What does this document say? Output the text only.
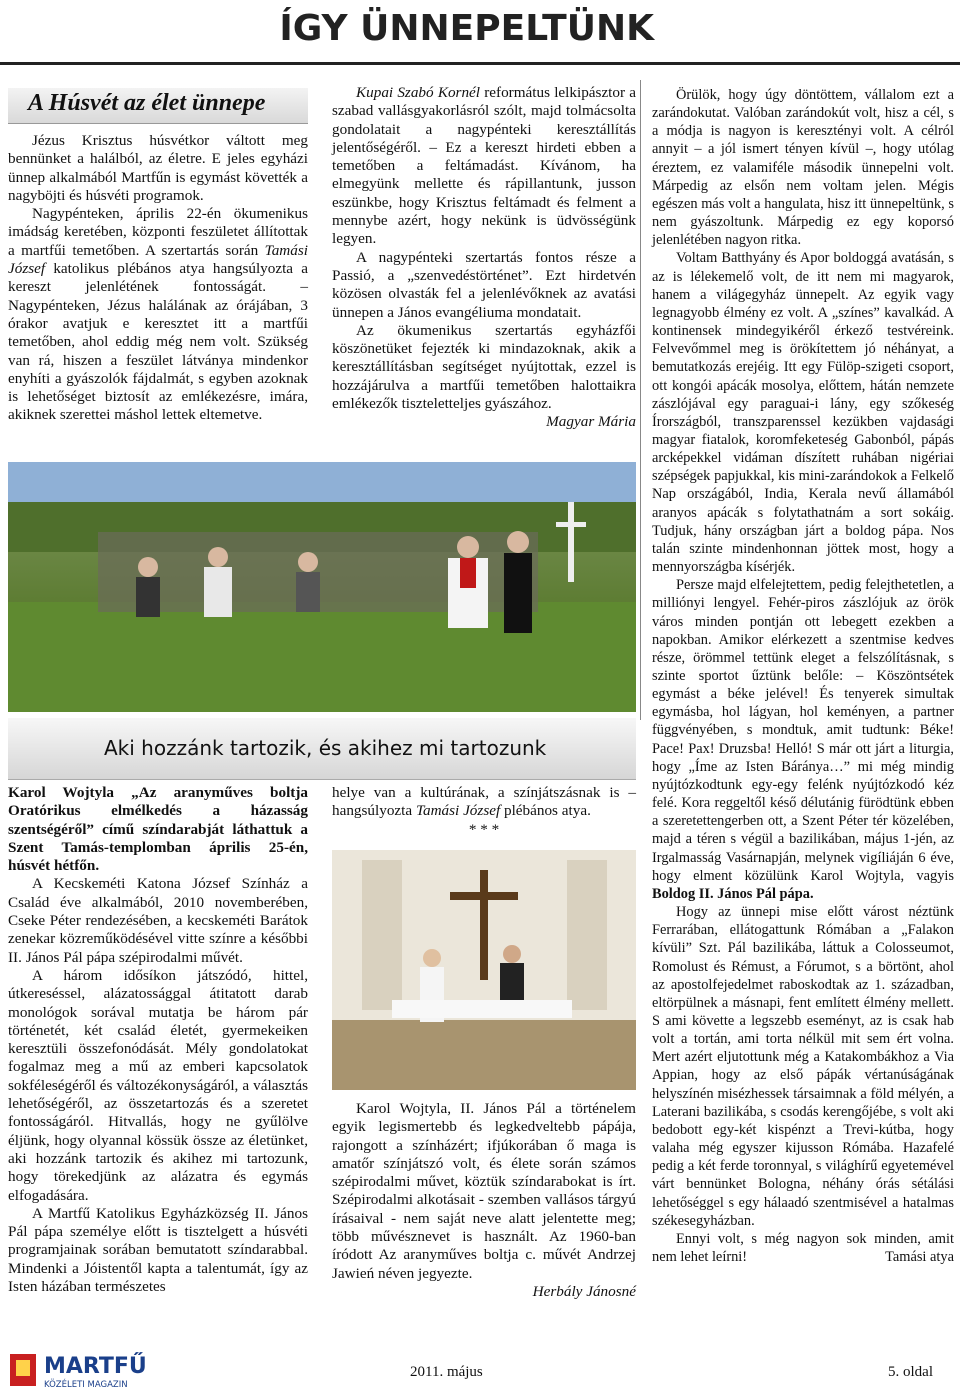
ÍGY ÜNNEPELTÜNK
A Húsvét az élet ünnepe

Jézus Krisztus húsvétkor váltott meg bennünket a halálból, az életre. E jeles egyházi ünnep alkalmából Martfűn is egymást követték a nagyböjti és húsvéti programok.

Nagypénteken, április 22-én ökumenikus imádság keretében, központi feszületet állítottak a martfűi temetőben. A szertartás során Tamási József katolikus plébános atya hangsúlyozta a kereszt jelenlétének fontosságát. – Nagypénteken, Jézus halálának az órájában, 3 órakor avatjuk e keresztet itt a martfűi temetőben, ahol eddig még nem volt. Szükség van rá, hiszen a feszület látványa mindenkor enyhíti a gyászolók fájdalmát, s egyben azoknak is lehetőséget biztosít az emlékezésre, imára, akiknek szerettei máshol lettek eltemetve.

Kupai Szabó Kornél református lelkipásztor a szabad vallásgyakorlásról szólt, majd tolmácsolta gondolatait a nagypénteki keresztállítás jelentőségéről. – Ez a kereszt hirdeti ebben a temetőben a feltámadást. Kívánom, ha elmegyünk mellette és rápillantunk, jusson eszünkbe, hogy Krisztus feltámadt és felment a mennybe azért, hogy nekünk is üdvösségünk legyen.

A nagypénteki szertartás fontos része a Passió, a „szenvedéstörténet”. Ezt hirdetvén közösen olvasták fel a jelenlévőknek az avatási ünnepen a János evangéliuma mondatait.

Az ökumenikus szertartás egyházfői köszönetüket fejezték ki mindazoknak, akik a keresztállításban segítséget nyújtottak, ezzel is hozzájárulva a martfűi temetőben halottaikra emlékezők tiszteletteljes gyászához.
Magyar Mária

Aki hozzánk tartozik, és akihez mi tartozunk

Karol Wojtyla „Az aranyműves boltja Oratórikus elmélkedés a házasság szentségéről” című színdarabját láthattuk a Szent Tamás-templomban április 25-én, húsvét hétfőn.

A Kecskeméti Katona József Színház a Család éve alkalmából, 2010 novemberében, Cseke Péter rendezésében, a kecskeméti Barátok zenekar közreműködésével vitte színre a későbbi II. János Pál pápa szépirodalmi művét.

A három idősíkon játszódó, hittel, útkereséssel, alázatossággal átitatott darab monológok sorával mutatja be három pár történetét, két család életét, gyermekeiken keresztüli összefonódását. Mély gondolatokat fogalmaz meg a mű az emberi kapcsolatok sokféleségéről és változékonyságáról, a választás lehetőségéről, az összetartozás és a szeretet fontosságáról. Hitvallás, hogy ne gyűlölve éljünk, hogy olyannal kössük össze az életünket, aki hozzánk tartozik és akihez mi tartozunk, hogy törekedjünk az alázatra és egymás elfogadására.

A Martfű Katolikus Egyházközség II. János Pál pápa személye előtt is tisztelgett a húsvéti programjainak sorában bemutatott színdarabbal. Mindenki a Jóistentől kapta a talentumát, így az Isten házában természetes

helye van a kultúrának, a színjátszásnak is – hangsúlyozta Tamási József plébános atya.

* * *

Karol Wojtyla, II. János Pál a történelem egyik legismertebb és legkedveltebb pápája, rajongott a színházért; ifjúkorában ő maga is amatőr színjátszó volt, és élete során számos szépirodalmi művet, köztük színdarabokat is írt. Szépirodalmi alkotásait - szemben vallásos tárgyú írásaival - nem saját neve alatt jelentette meg; több művésznevet is használt. Az 1960-ban íródott Az aranyműves boltja c. művét Andrzej Jawień néven jegyezte.

Herbály Jánosné

Örülök, hogy úgy döntöttem, vállalom ezt a zarándokutat. Valóban zarándokút volt, hisz a cél, s a módja is nagyon is keresztényi volt. A célról annyit – a jól ismert tényen kívül –, hogy utólag éreztem, ez valamiféle második ünnepelni volt. Márpedig az elsőn nem voltam jelen. Mégis egészen más volt a hangulata, hisz itt ünnepeltünk, s nem gyászoltunk. Márpedig ez egy koporsó jelenlétében nagyon ritka.

Voltam Batthyány és Apor boldoggá avatásán, s az is lélekemelő volt, de itt nem mi magyarok, hanem a világegyház ünnepelt. Az egyik vagy legnagyobb élmény ez volt. A „színes” kavalkád. A kontinensek mindegyikéről érkező testvéreink. Felvevőmmel meg is örökítettem jó néhányat, a bemutatkozás erejéig. Itt egy Fülöp-szigeti csoport, ott kongói apácák mosolya, előttem, hátán nemzete zászlójával egy paraguai-i lány, egy szőkeség Írországból, transzparenssel kezükben vajdasági magyar fiatalok, koromfeketeség Gabonból, pápás arcképekkel vidáman díszített ruhában nigériai szépségek papjukkal, kis mini-zarándokok a Felkelő Nap országából, India, Kerala nevű államából aranyos apácák s folytathatnám a sort sokáig. Tudjuk, hány országban járt a boldog pápa. Nos talán szinte mindenhonnan jöttek most, hogy a mennyországba kísérjék.

Persze majd elfelejtettem, pedig felejthetetlen, a milliónyi lengyel. Fehér-piros zászlójuk az örök város minden pontján ott lebegett ezekben a napokban. Amikor elérkezett a szentmise kedves része, örömmel tettünk eleget a felszólításnak, s szinte sportot űztünk belőle: – Köszöntsétek egymást a béke jelével! És tenyerek simultak egymásba, hol lágyan, hol keményen, a partner függvényében, s mondtuk, amit tudtunk: Béke! Pace! Pax! Druzsba! Helló! S már ott járt a liturgia, hogy „Íme az Isten Báránya…” mi még mindig nyújtózkodtunk egy-egy felénk nyújtózkodó kéz felé. Kora reggeltől késő délutánig fürödtünk ebben a szeretettengerben ott, a Szent Péter tér közelében, majd a téren s végül a bazilikában, május 1-jén, az Irgalmasság Vasárnapján, melynek vigíliáján 6 éve, hogy elment közülünk Karol Wojtyla, vagyis Boldog II. János Pál pápa.

Hogy az ünnepi mise előtt várost néztünk Ferrarában, ellátogattunk Rómában a „Falakon kívüli” Szt. Pál bazilikába, láttuk a Colosseumot, Romolust és Rémust, a Fórumot, s a börtönt, ahol az apostolfejedelmet raboskodtak az 1. században, eltörpülnek a másnapi, fent említett élmény mellett. S ami követte a legszebb eseményt, az is csak hab volt a tortán, ami torta nélkül mit sem ért volna. Mert azért eljutottunk még a Katakombákhoz a Via Appian, hogy az első pápák vértanúságának helyszínén misézhessek társaimnak a föld mélyén, a Laterani bazilikába, s csodás kerengőjébe, s volt aki bedobott egy-két kispénzt a Trevi-kútba, hogy valaha még egyszer kijusson Rómába. Hazafelé pedig a két ferde toronnyal, s világhírű egyetemével várt bennünket Bologna, néhány órás sétálási lehetőséggel s egy hálaadó szentmisével a hatalmas székesegyházban.

Ennyi volt, s még nagyon sok minden, amit nem lehet leírni!	Tamási atya

MARTFŰ
KÖZÉLETI MAGAZIN
2011. május	5. oldal
